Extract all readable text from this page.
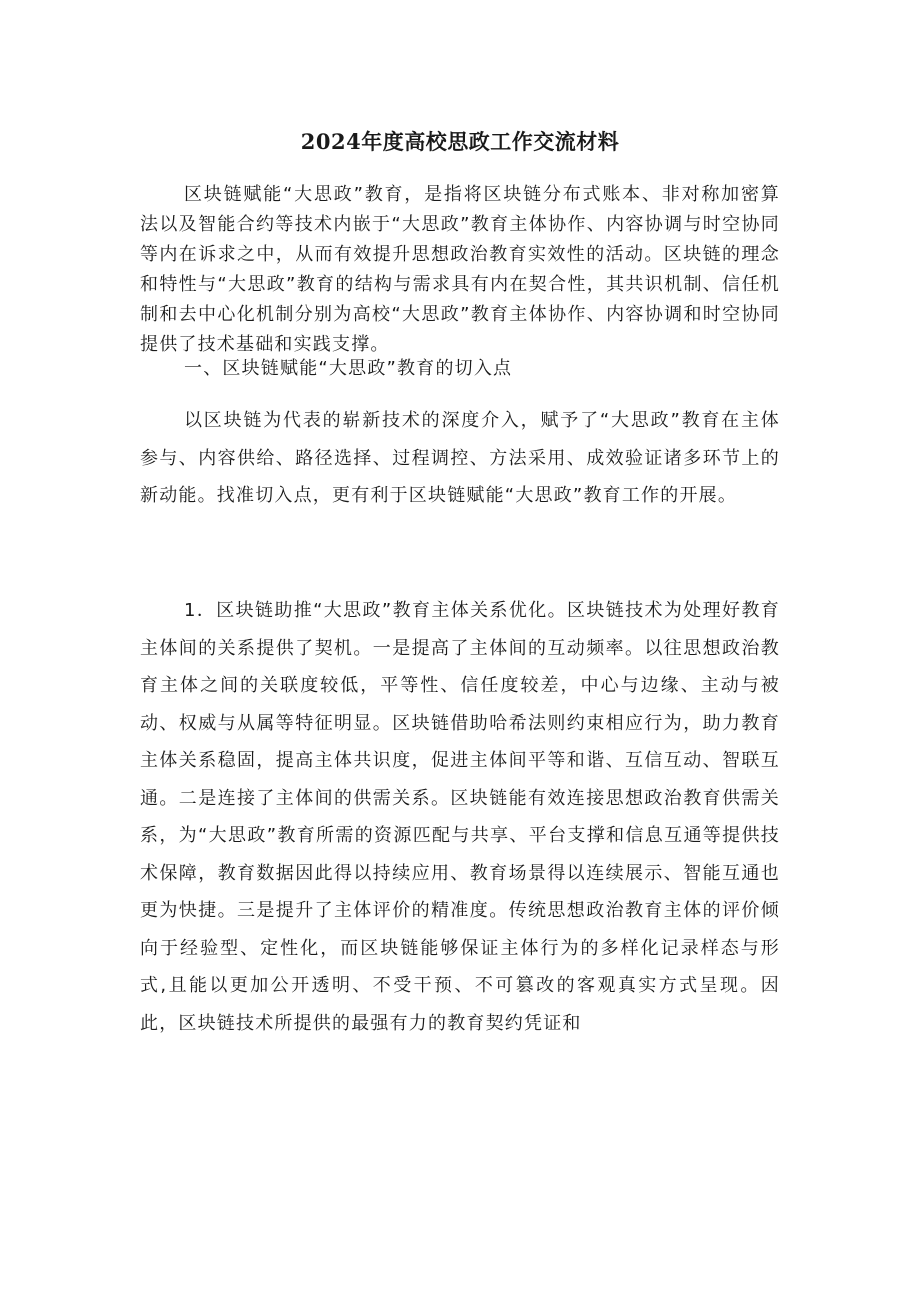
2024年度高校思政工作交流材料

区块链赋能“大思政”教育，是指将区块链分布式账本、非对称加密算法以及智能合约等技术内嵌于“大思政”教育主体协作、内容协调与时空协同等内在诉求之中，从而有效提升思想政治教育实效性的活动。区块链的理念和特性与“大思政”教育的结构与需求具有内在契合性，其共识机制、信任机制和去中心化机制分别为高校“大思政”教育主体协作、内容协调和时空协同提供了技术基础和实践支撑。

一、区块链赋能“大思政”教育的切入点

以区块链为代表的崭新技术的深度介入，赋予了“大思政”教育在主体参与、内容供给、路径选择、过程调控、方法采用、成效验证诸多环节上的新动能。找准切入点，更有利于区块链赋能“大思政”教育工作的开展。

1．区块链助推“大思政”教育主体关系优化。区块链技术为处理好教育主体间的关系提供了契机。一是提高了主体间的互动频率。以往思想政治教育主体之间的关联度较低，平等性、信任度较差，中心与边缘、主动与被动、权威与从属等特征明显。区块链借助哈希法则约束相应行为，助力教育主体关系稳固，提高主体共识度，促进主体间平等和谐、互信互动、智联互通。二是连接了主体间的供需关系。区块链能有效连接思想政治教育供需关系，为“大思政”教育所需的资源匹配与共享、平台支撑和信息互通等提供技术保障，教育数据因此得以持续应用、教育场景得以连续展示、智能互通也更为快捷。三是提升了主体评价的精准度。传统思想政治教育主体的评价倾向于经验型、定性化，而区块链能够保证主体行为的多样化记录样态与形式,且能以更加公开透明、不受干预、不可篡改的客观真实方式呈现。因此，区块链技术所提供的最强有力的教育契约凭证和
